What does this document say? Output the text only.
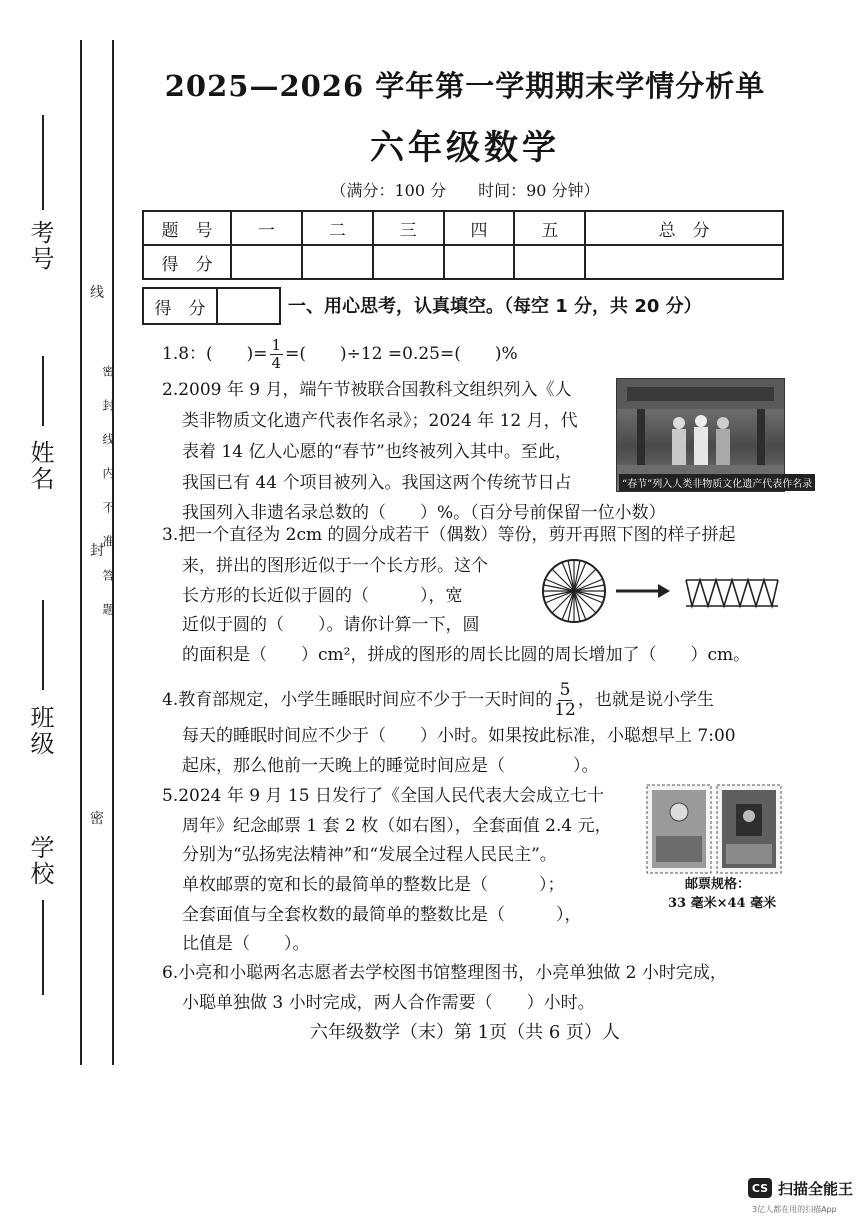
考号
姓名
班级
学校
线
封
密
密封线内不准答题
2025—2026 学年第一学期期末学情分析单
六年级数学
（满分：100 分　　时间：90 分钟）
题　号	一	二	三	四	五	总　分
得　分						
得　分	一、用心思考，认真填空。（每空 1 分，共 20 分）
1.8：(　　)= $\frac{1}{4}$ =(　　)÷12 =0.25=(　　)%
2.2009 年 9 月，端午节被联合国教科文组织列入《人
类非物质文化遗产代表作名录》；2024 年 12 月，代
表着 14 亿人心愿的“春节”也终被列入其中。至此，
我国已有 44 个项目被列入。我国这两个传统节日占
我国列入非遗名录总数的（　　）%。（百分号前保留一位小数）
“春节”列入人类非物质文化遗产代表作名录
3.把一个直径为 2cm 的圆分成若干（偶数）等份，剪开再照下图的样子拼起
来，拼出的图形近似于一个长方形。这个
长方形的长近似于圆的（　　　），宽
近似于圆的（　　）。请你计算一下，圆
的面积是（　　）cm²，拼成的图形的周长比圆的周长增加了（　　）cm。
4.教育部规定，小学生睡眠时间应不少于一天时间的 $\frac{5}{12}$ ，也就是说小学生
每天的睡眠时间应不少于（　　）小时。如果按此标准，小聪想早上 7:00
起床，那么他前一天晚上的睡觉时间应是（　　　　）。
5.2024 年 9 月 15 日发行了《全国人民代表大会成立七十
周年》纪念邮票 1 套 2 枚（如右图），全套面值 2.4 元，
分别为“弘扬宪法精神”和“发展全过程人民民主”。
单枚邮票的宽和长的最简单的整数比是（　　　）；
全套面值与全套枚数的最简单的整数比是（　　　），
比值是（　　）。
邮票规格：
33 毫米×44 毫米
6.小亮和小聪两名志愿者去学校图书馆整理图书，小亮单独做 2 小时完成，
小聪单独做 3 小时完成，两人合作需要（　　）小时。
六年级数学（末）第 1页（共 6 页）人
CS 扫描全能王
3亿人都在用的扫描App
